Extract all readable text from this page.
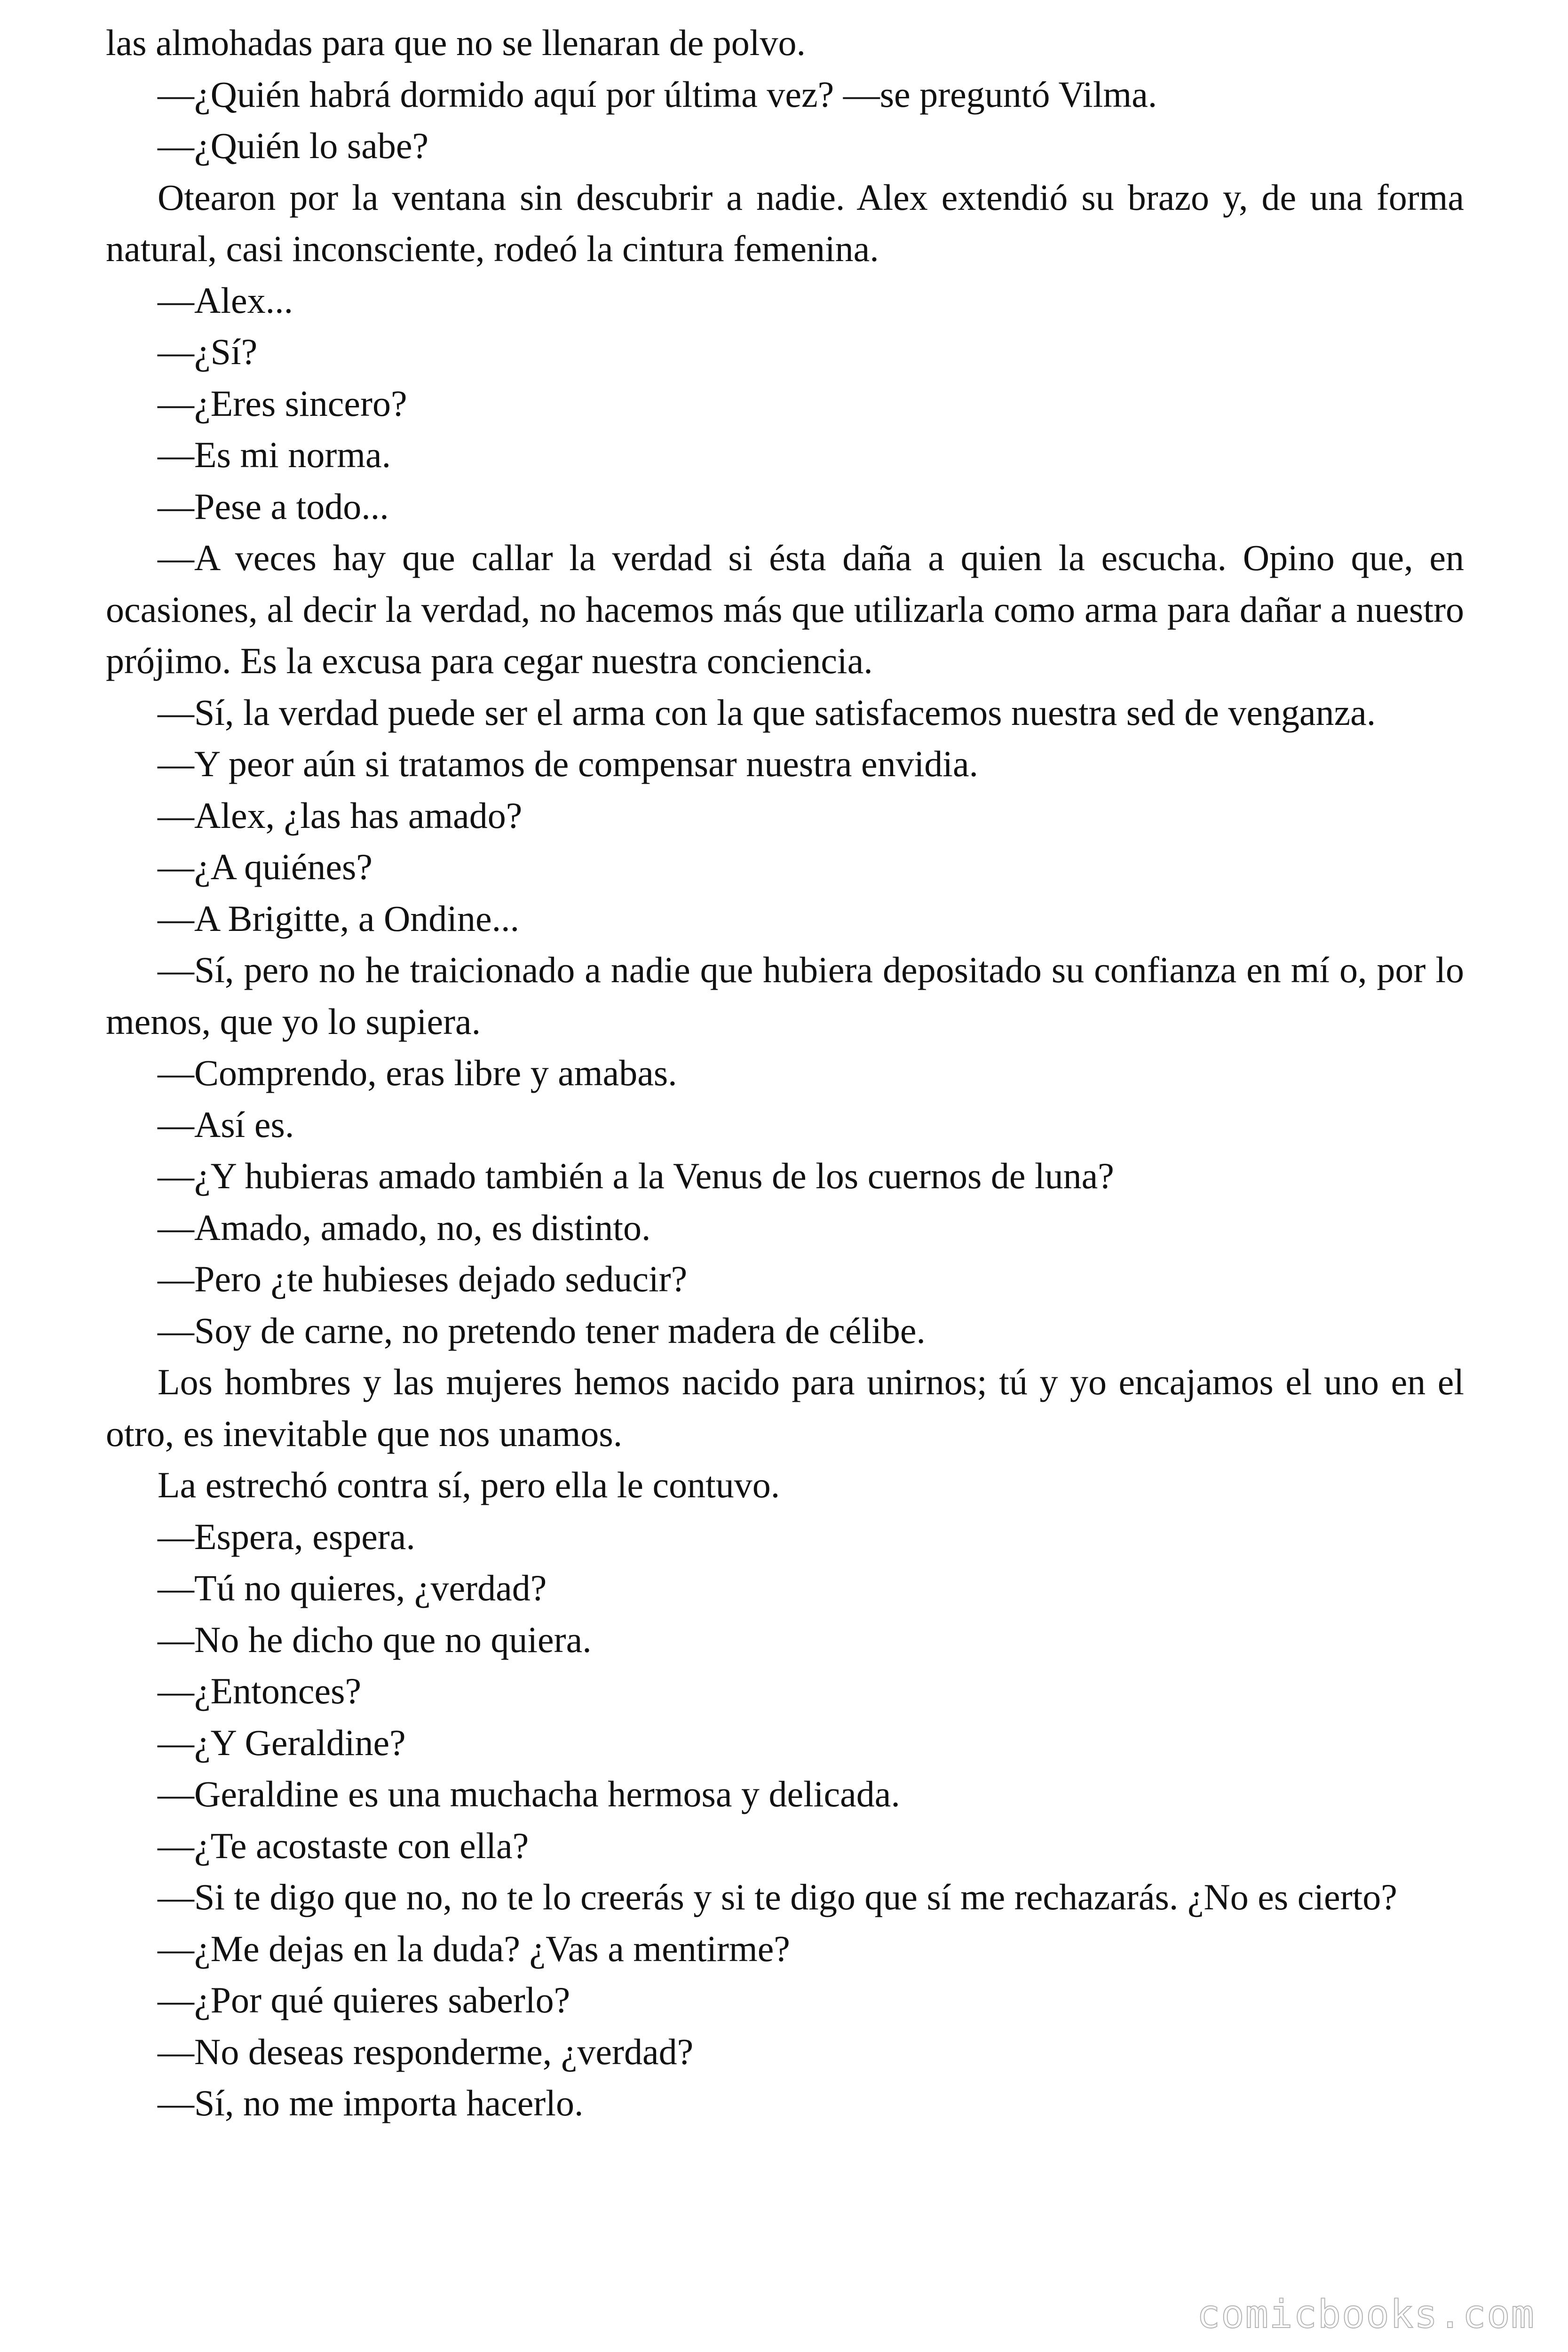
las almohadas para que no se llenaran de polvo.

—¿Quién habrá dormido aquí por última vez? —se preguntó Vilma.

—¿Quién lo sabe?

Otearon por la ventana sin descubrir a nadie. Alex extendió su brazo y, de una forma natural, casi inconsciente, rodeó la cintura femenina.

—Alex...

—¿Sí?

—¿Eres sincero?

—Es mi norma.

—Pese a todo...

—A veces hay que callar la verdad si ésta daña a quien la escucha. Opino que, en ocasiones, al decir la verdad, no hacemos más que utilizarla como arma para dañar a nuestro prójimo. Es la excusa para cegar nuestra conciencia.

—Sí, la verdad puede ser el arma con la que satisfacemos nuestra sed de venganza.

—Y peor aún si tratamos de compensar nuestra envidia.

—Alex, ¿las has amado?

—¿A quiénes?

—A Brigitte, a Ondine...

—Sí, pero no he traicionado a nadie que hubiera depositado su confianza en mí o, por lo menos, que yo lo supiera.

—Comprendo, eras libre y amabas.

—Así es.

—¿Y hubieras amado también a la Venus de los cuernos de luna?

—Amado, amado, no, es distinto.

—Pero ¿te hubieses dejado seducir?

—Soy de carne, no pretendo tener madera de célibe.

Los hombres y las mujeres hemos nacido para unirnos; tú y yo encajamos el uno en el otro, es inevitable que nos unamos.

La estrechó contra sí, pero ella le contuvo.

—Espera, espera.

—Tú no quieres, ¿verdad?

—No he dicho que no quiera.

—¿Entonces?

—¿Y Geraldine?

—Geraldine es una muchacha hermosa y delicada.

—¿Te acostaste con ella?

—Si te digo que no, no te lo creerás y si te digo que sí me rechazarás. ¿No es cierto?

—¿Me dejas en la duda? ¿Vas a mentirme?

—¿Por qué quieres saberlo?

—No deseas responderme, ¿verdad?

—Sí, no me importa hacerlo.

comicbooks.com
